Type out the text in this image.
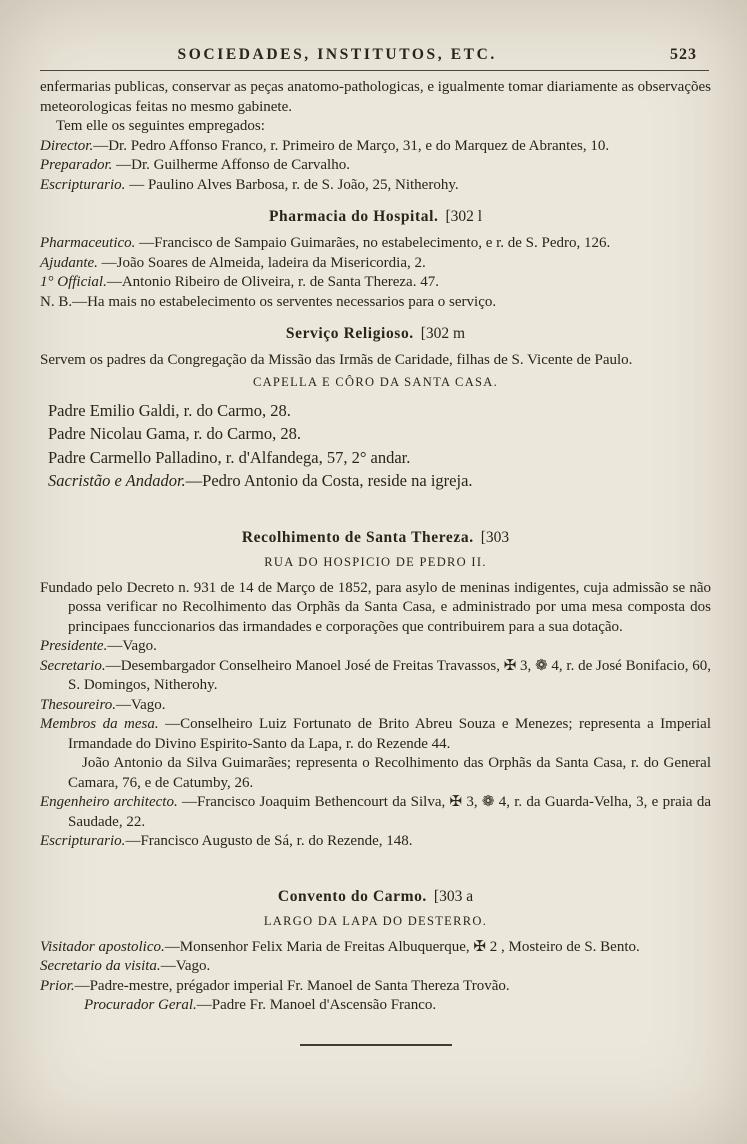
SOCIEDADES, INSTITUTOS, ETC.	523

enfermarias publicas, conservar as peças anatomo-pathologicas, e igualmente tomar diariamente as observações meteorologicas feitas no mesmo gabinete.

Tem elle os seguintes empregados:

Director.—Dr. Pedro Affonso Franco, r. Primeiro de Março, 31, e do Marquez de Abrantes, 10.

Preparador. —Dr. Guilherme Affonso de Carvalho.

Escripturario. — Paulino Alves Barbosa, r. de S. João, 25, Nitherohy.

Pharmacia do Hospital. [302 l

Pharmaceutico. —Francisco de Sampaio Guimarães, no estabelecimento, e r. de S. Pedro, 126.

Ajudante. —João Soares de Almeida, ladeira da Misericordia, 2.

1° Official.—Antonio Ribeiro de Oliveira, r. de Santa Thereza. 47.

N. B.—Ha mais no estabelecimento os serventes necessarios para o serviço.

Serviço Religioso. [302 m

Servem os padres da Congregação da Missão das Irmãs de Caridade, filhas de S. Vicente de Paulo.

CAPELLA E CÔRO DA SANTA CASA.

Padre Emilio Galdi, r. do Carmo, 28.

Padre Nicolau Gama, r. do Carmo, 28.

Padre Carmello Palladino, r. d'Alfandega, 57, 2° andar.

Sacristão e Andador.—Pedro Antonio da Costa, reside na igreja.

Recolhimento de Santa Thereza. [303
RUA DO HOSPICIO DE PEDRO II.

Fundado pelo Decreto n. 931 de 14 de Março de 1852, para asylo de meninas indigentes, cuja admissão se não possa verificar no Recolhimento das Orphãs da Santa Casa, e administrado por uma mesa composta dos principaes funccionarios das irmandades e corporações que contribuirem para a sua dotação.

Presidente.—Vago.

Secretario.—Desembargador Conselheiro Manoel José de Freitas Travassos, ✠ 3, ❁ 4, r. de José Bonifacio, 60, S. Domingos, Nitherohy.

Thesoureiro.—Vago.

Membros da mesa. —Conselheiro Luiz Fortunato de Brito Abreu Souza e Menezes; representa a Imperial Irmandade do Divino Espirito-Santo da Lapa, r. do Rezende 44.

João Antonio da Silva Guimarães; representa o Recolhimento das Orphãs da Santa Casa, r. do General Camara, 76, e de Catumby, 26.

Engenheiro architecto. —Francisco Joaquim Bethencourt da Silva, ✠ 3, ❁ 4, r. da Guarda-Velha, 3, e praia da Saudade, 22.

Escripturario.—Francisco Augusto de Sá, r. do Rezende, 148.

Convento do Carmo. [303 a
LARGO DA LAPA DO DESTERRO.

Visitador apostolico.—Monsenhor Felix Maria de Freitas Albuquerque, ✠ 2 , Mosteiro de S. Bento.

Secretario da visita.—Vago.

Prior.—Padre-mestre, prégador imperial Fr. Manoel de Santa Thereza Trovão.

Procurador Geral.—Padre Fr. Manoel d'Ascensão Franco.
